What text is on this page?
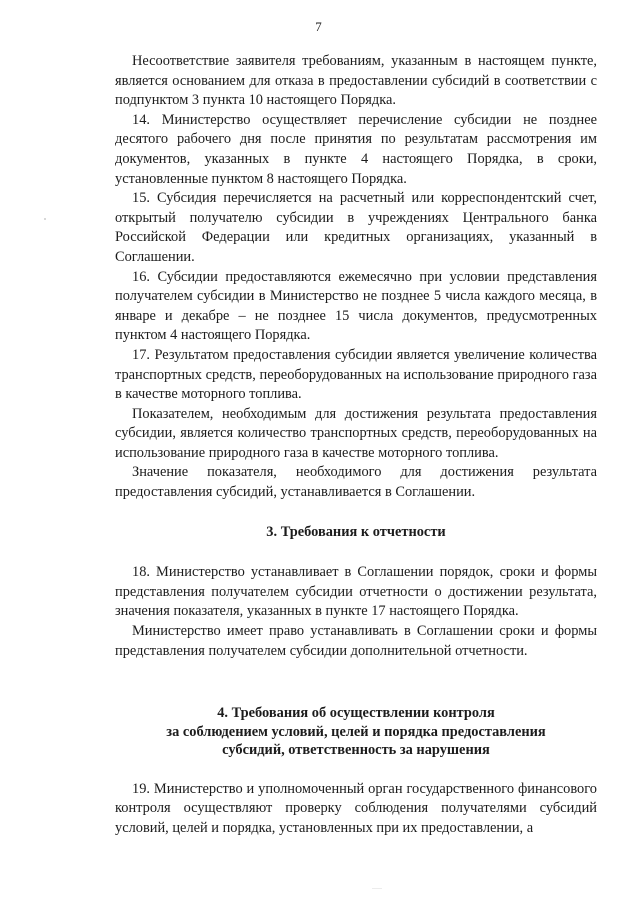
7

Несоответствие заявителя требованиям, указанным в настоящем пункте, является основанием для отказа в предоставлении субсидий в соответствии с подпунктом 3 пункта 10 настоящего Порядка.

14. Министерство осуществляет перечисление субсидии не позднее десятого рабочего дня после принятия по результатам рассмотрения им документов, указанных в пункте 4 настоящего Порядка, в сроки, установленные пунктом 8 настоящего Порядка.

15. Субсидия перечисляется на расчетный или корреспондентский счет, открытый получателю субсидии в учреждениях Центрального банка Российской Федерации или кредитных организациях, указанный в Соглашении.

16. Субсидии предоставляются ежемесячно при условии представления получателем субсидии в Министерство не позднее 5 числа каждого месяца, в январе и декабре – не позднее 15 числа документов, предусмотренных пунктом 4 настоящего Порядка.

17. Результатом предоставления субсидии является увеличение количества транспортных средств, переоборудованных на использование природного газа в качестве моторного топлива.

Показателем, необходимым для достижения результата предоставления субсидии, является количество транспортных средств, переоборудованных на использование природного газа в качестве моторного топлива.

Значение показателя, необходимого для достижения результата предоставления субсидий, устанавливается в Соглашении.

3. Требования к отчетности

18. Министерство устанавливает в Соглашении порядок, сроки и формы представления получателем субсидии отчетности о достижении результата, значения показателя, указанных в пункте 17 настоящего Порядка.

Министерство имеет право устанавливать в Соглашении сроки и формы представления получателем субсидии дополнительной отчетности.

4. Требования об осуществлении контроля
за соблюдением условий, целей и порядка предоставления
субсидий, ответственность за нарушения

19. Министерство и уполномоченный орган государственного финансового контроля осуществляют проверку соблюдения получателями субсидий условий, целей и порядка, установленных при их предоставлении, а
